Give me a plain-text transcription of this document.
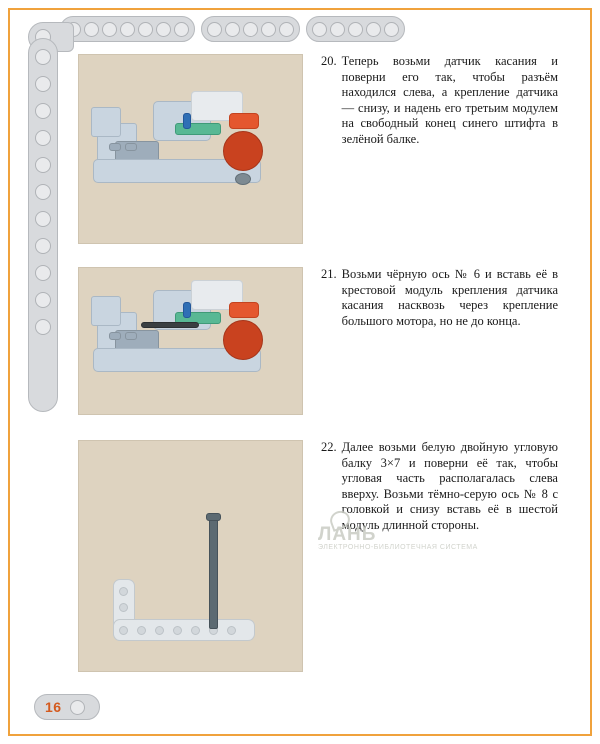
20. Теперь возьми датчик касания и поверни его так, чтобы разъём находился слева, а крепление датчика — снизу, и надень его третьим модулем на свободный конец синего штифта в зелёной балке.
21. Возьми чёрную ось № 6 и вставь её в крестовой модуль крепления датчика касания насквозь через крепление большого мотора, но не до конца.
22. Далее возьми белую двойную угловую балку 3×7 и поверни её так, чтобы угловая часть располагалась слева вверху. Возьми тёмно-серую ось № 8 с головкой и снизу вставь её в шестой модуль длинной стороны.
ЛАНЬ
ЭЛЕКТРОННО-БИБЛИОТЕЧНАЯ СИСТЕМА
16
